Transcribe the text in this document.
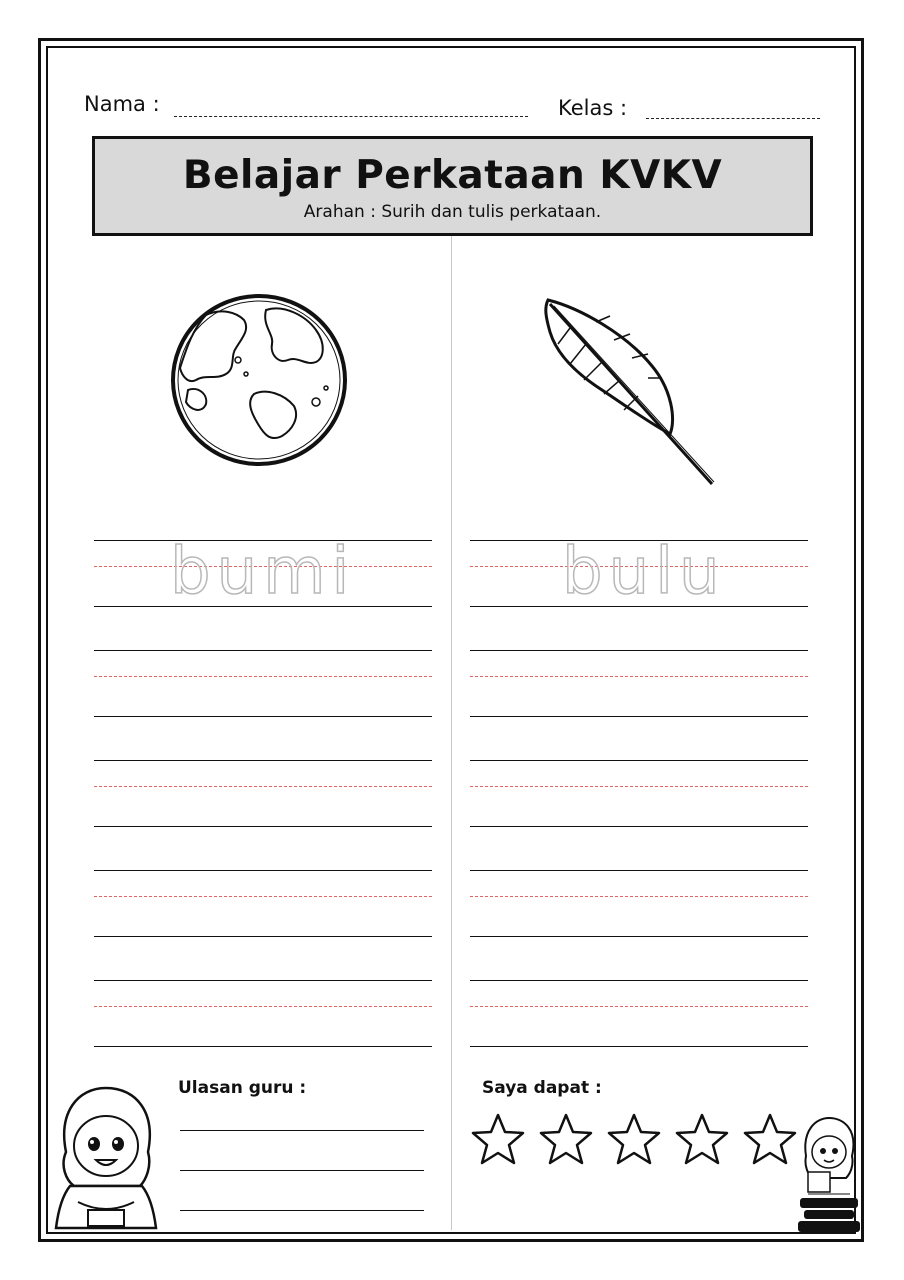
Nama :	Kelas :
Belajar Perkataan KVKV
Arahan : Surih dan tulis perkataan.
bumi	bulu
Ulasan guru :	Saya dapat :
